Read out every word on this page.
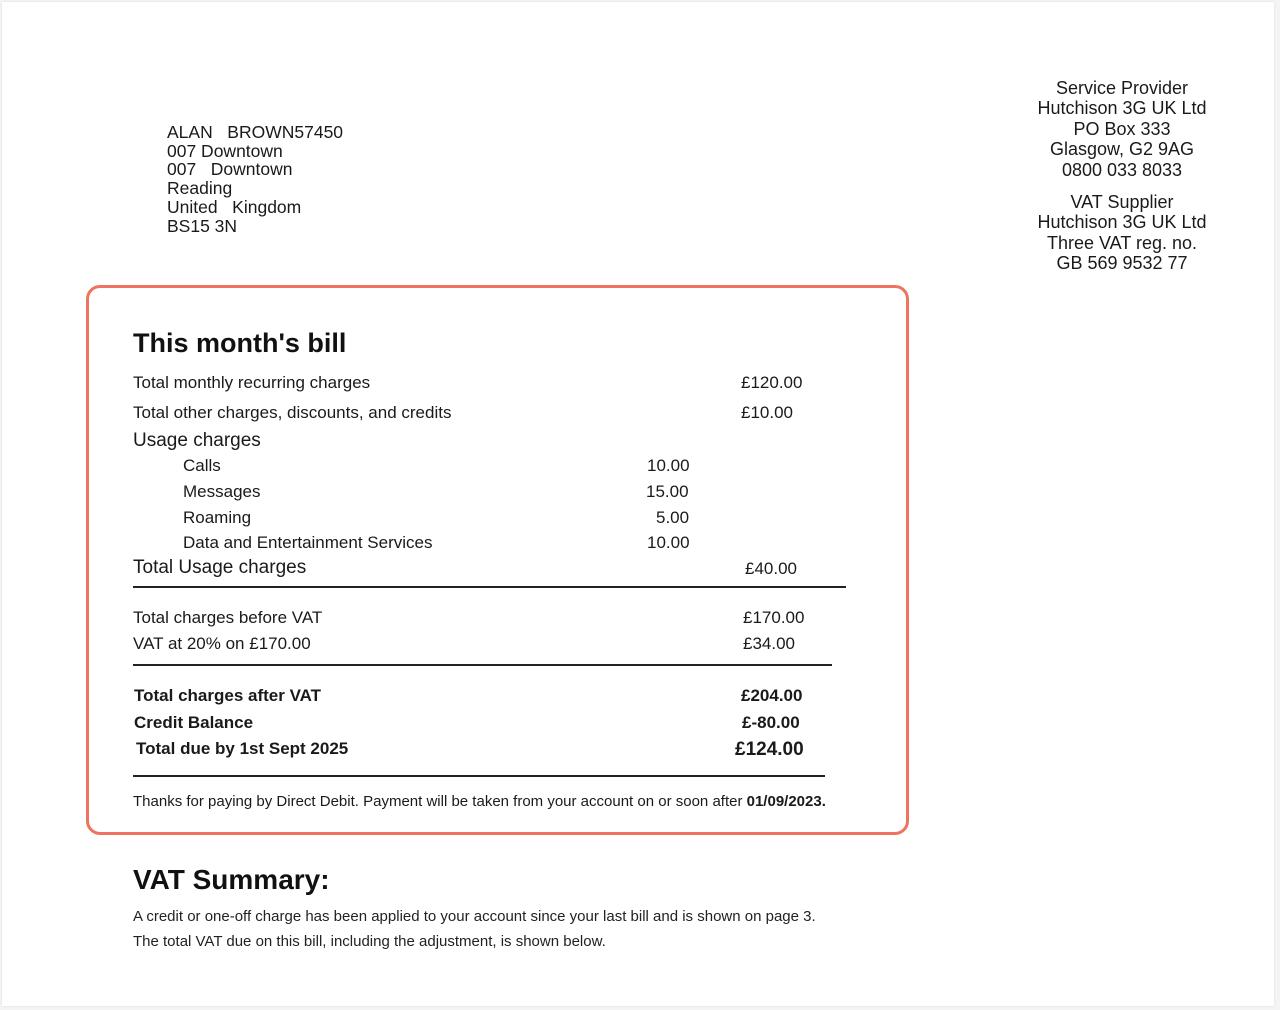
ALAN   BROWN57450
007 Downtown
007   Downtown
Reading
United   Kingdom
BS15 3N
Service Provider
Hutchison 3G UK Ltd
PO Box 333
Glasgow, G2 9AG
0800 033 8033
VAT Supplier
Hutchison 3G UK Ltd
Three VAT reg. no.
GB 569 9532 77
This month's bill
Total monthly recurring charges	£120.00
Total other charges, discounts, and credits	£10.00
Usage charges
Calls	10.00
Messages	15.00
Roaming	5.00
Data and Entertainment Services	10.00
Total Usage charges	£40.00
Total charges before VAT	£170.00
VAT at 20% on £170.00	£34.00
Total charges after VAT	£204.00
Credit Balance	£-80.00
Total due by 1st Sept 2025	£124.00
Thanks for paying by Direct Debit. Payment will be taken from your account on or soon after 01/09/2023.
VAT Summary:
A credit or one-off charge has been applied to your account since your last bill and is shown on page 3.
The total VAT due on this bill, including the adjustment, is shown below.
